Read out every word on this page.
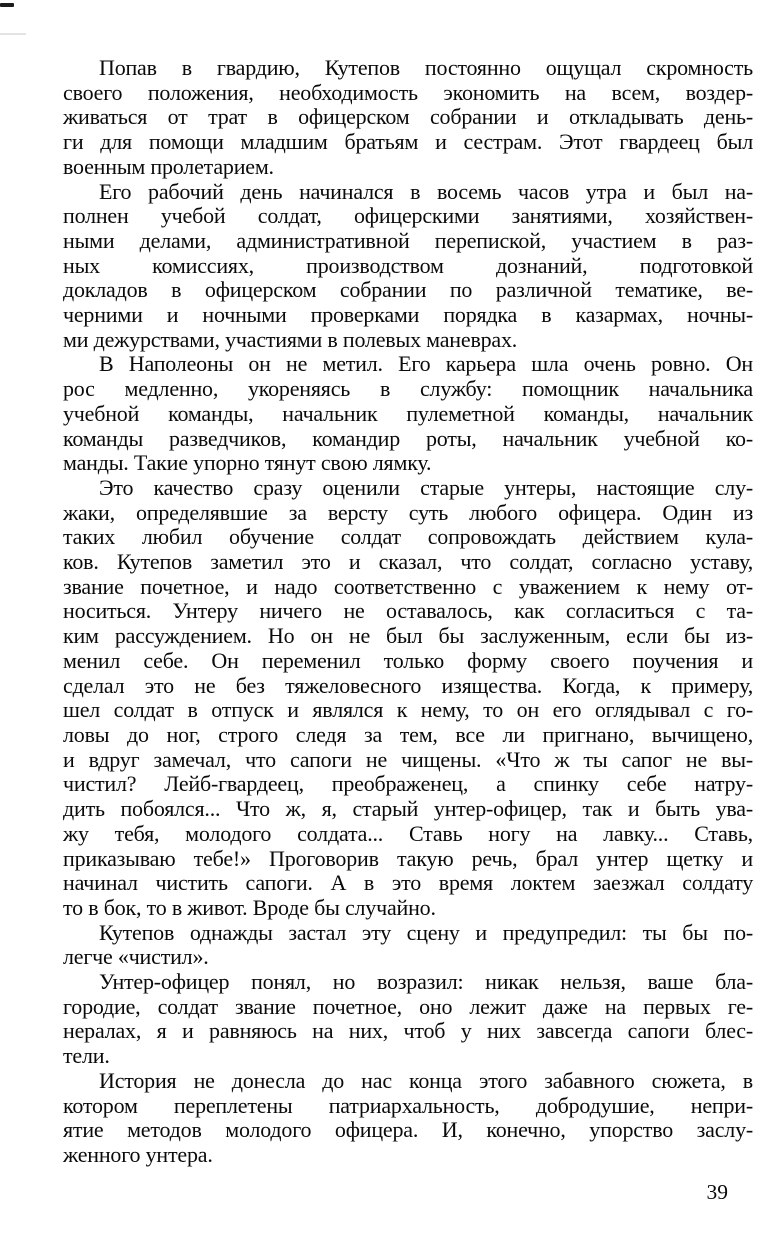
Попав в гвардию, Кутепов постоянно ощущал скромность
своего положения, необходимость экономить на всем, воздер-
живаться от трат в офицерском собрании и откладывать день-
ги для помощи младшим братьям и сестрам. Этот гвардеец был
военным пролетарием.
Его рабочий день начинался в восемь часов утра и был на-
полнен учебой солдат, офицерскими занятиями, хозяйствен-
ными делами, административной перепиской, участием в раз-
ных комиссиях, производством дознаний, подготовкой
докладов в офицерском собрании по различной тематике, ве-
черними и ночными проверками порядка в казармах, ночны-
ми дежурствами, участиями в полевых маневрах.
В Наполеоны он не метил. Его карьера шла очень ровно. Он
рос медленно, укореняясь в службу: помощник начальника
учебной команды, начальник пулеметной команды, начальник
команды разведчиков, командир роты, начальник учебной ко-
манды. Такие упорно тянут свою лямку.
Это качество сразу оценили старые унтеры, настоящие слу-
жаки, определявшие за версту суть любого офицера. Один из
таких любил обучение солдат сопровождать действием кула-
ков. Кутепов заметил это и сказал, что солдат, согласно уставу,
звание почетное, и надо соответственно с уважением к нему от-
носиться. Унтеру ничего не оставалось, как согласиться с та-
ким рассуждением. Но он не был бы заслуженным, если бы из-
менил себе. Он переменил только форму своего поучения и
сделал это не без тяжеловесного изящества. Когда, к примеру,
шел солдат в отпуск и являлся к нему, то он его оглядывал с го-
ловы до ног, строго следя за тем, все ли пригнано, вычищено,
и вдруг замечал, что сапоги не чищены. «Что ж ты сапог не вы-
чистил? Лейб-гвардеец, преображенец, а спинку себе натру-
дить побоялся... Что ж, я, старый унтер-офицер, так и быть ува-
жу тебя, молодого солдата... Ставь ногу на лавку... Ставь,
приказываю тебе!» Проговорив такую речь, брал унтер щетку и
начинал чистить сапоги. А в это время локтем заезжал солдату
то в бок, то в живот. Вроде бы случайно.
Кутепов однажды застал эту сцену и предупредил: ты бы по-
легче «чистил».
Унтер-офицер понял, но возразил: никак нельзя, ваше бла-
городие, солдат звание почетное, оно лежит даже на первых ге-
нералах, я и равняюсь на них, чтоб у них завсегда сапоги блес-
тели.
История не донесла до нас конца этого забавного сюжета, в
котором переплетены патриархальность, добродушие, непри-
ятие методов молодого офицера. И, конечно, упорство заслу-
женного унтера.
39
